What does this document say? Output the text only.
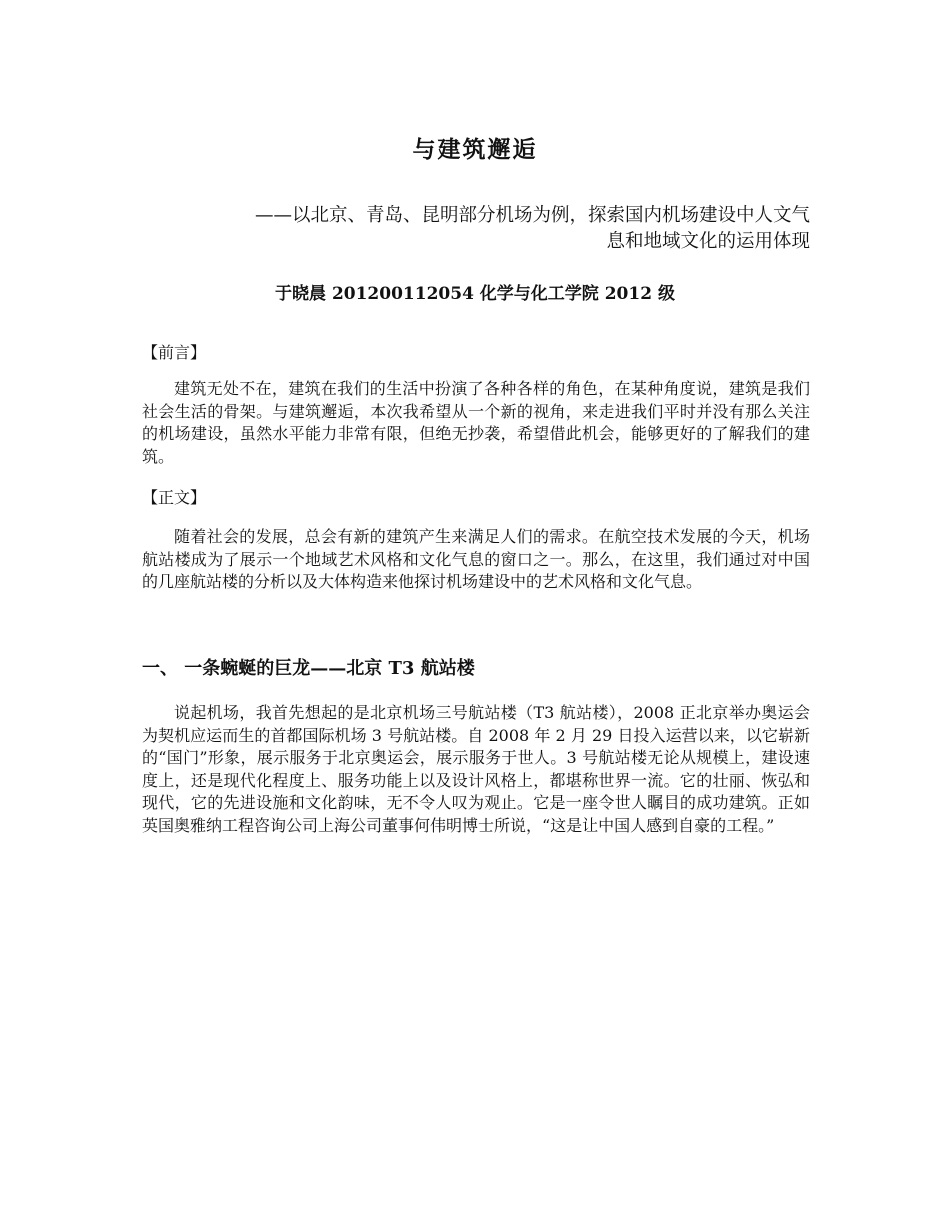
与建筑邂逅
——以北京、青岛、昆明部分机场为例，探索国内机场建设中人文气
息和地域文化的运用体现
于晓晨 201200112054 化学与化工学院 2012 级
【前言】
建筑无处不在，建筑在我们的生活中扮演了各种各样的角色，在某种角度说，建筑是我们社会生活的骨架。与建筑邂逅，本次我希望从一个新的视角，来走进我们平时并没有那么关注的机场建设，虽然水平能力非常有限，但绝无抄袭，希望借此机会，能够更好的了解我们的建筑。
【正文】
随着社会的发展，总会有新的建筑产生来满足人们的需求。在航空技术发展的今天，机场航站楼成为了展示一个地域艺术风格和文化气息的窗口之一。那么，在这里，我们通过对中国的几座航站楼的分析以及大体构造来他探讨机场建设中的艺术风格和文化气息。
一、 一条蜿蜒的巨龙——北京 T3 航站楼
说起机场，我首先想起的是北京机场三号航站楼（T3 航站楼），2008 正北京举办奥运会为契机应运而生的首都国际机场 3 号航站楼。自 2008 年 2 月 29 日投入运营以来，以它崭新的“国门”形象，展示服务于北京奥运会，展示服务于世人。3 号航站楼无论从规模上，建设速度上，还是现代化程度上、服务功能上以及设计风格上，都堪称世界一流。它的壮丽、恢弘和现代，它的先进设施和文化韵味，无不令人叹为观止。它是一座令世人瞩目的成功建筑。正如英国奥雅纳工程咨询公司上海公司董事何伟明博士所说，“这是让中国人感到自豪的工程。”
